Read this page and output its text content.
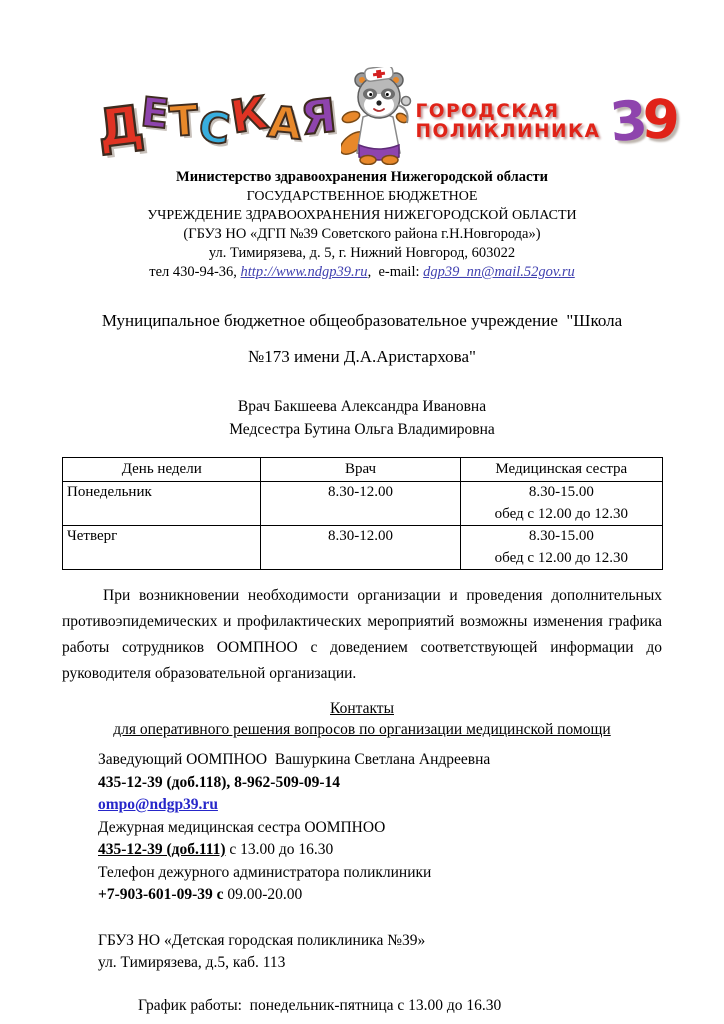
Д
Е
Т
С
К
А
Я	ГОРОДСКАЯ
ПОЛИКЛИНИКА 3
9
Министерство здравоохранения Нижегородской области
ГОСУДАРСТВЕННОЕ БЮДЖЕТНОЕ
УЧРЕЖДЕНИЕ ЗДРАВООХРАНЕНИЯ НИЖЕГОРОДСКОЙ ОБЛАСТИ
(ГБУЗ НО «ДГП №39 Советского района г.Н.Новгорода»)
ул. Тимирязева, д. 5, г. Нижний Новгород, 603022
тел 430-94-36, http://www.ndgp39.ru,  e-mail: dgp39_nn@mail.52gov.ru
Муниципальное бюджетное общеобразовательное учреждение  "Школа
№173 имени Д.А.Аристархова"
Врач Бакшеева Александра Ивановна
Медсестра Бутина Ольга Владимировна
День недели	Врач	Медицинская сестра
Понедельник	8.30-12.00	8.30-15.00
обед с 12.00 до 12.30

Четверг	8.30-12.00	8.30-15.00
обед с 12.00 до 12.30
При возникновении необходимости организации и проведения дополнительных противоэпидемических и профилактических мероприятий возможны изменения графика работы сотрудников ООМПНОО с доведением соответствующей информации до руководителя образовательной организации.
Контакты
для оперативного решения вопросов по организации медицинской помощи
Заведующий ООМПНОО  Вашуркина Светлана Андреевна
435-12-39 (доб.118), 8-962-509-09-14
ompo@ndgp39.ru
Дежурная медицинская сестра ООМПНОО
435-12-39 (доб.111) с 13.00 до 16.30
Телефон дежурного администратора поликлиники
+7-903-601-09-39 с 09.00-20.00
ГБУЗ НО «Детская городская поликлиника №39»
ул. Тимирязева, д.5, каб. 113
График работы:  понедельник-пятница с 13.00 до 16.30
